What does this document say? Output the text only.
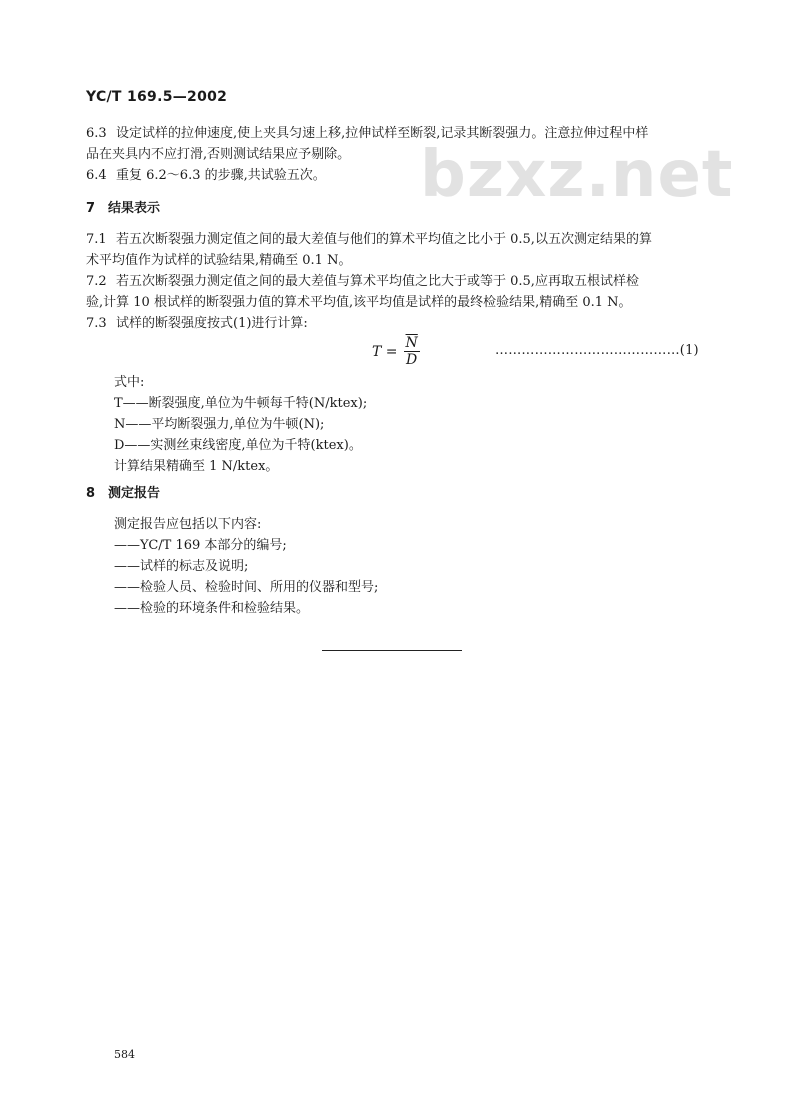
YC/T 169.5—2002
bzxz.net
6.3 设定试样的拉伸速度,使上夹具匀速上移,拉伸试样至断裂,记录其断裂强力。注意拉伸过程中样
品在夹具内不应打滑,否则测试结果应予剔除。
6.4 重复 6.2～6.3 的步骤,共试验五次。
7 结果表示
7.1 若五次断裂强力测定值之间的最大差值与他们的算术平均值之比小于 0.5,以五次测定结果的算
术平均值作为试样的试验结果,精确至 0.1 N。
7.2 若五次断裂强力测定值之间的最大差值与算术平均值之比大于或等于 0.5,应再取五根试样检
验,计算 10 根试样的断裂强力值的算术平均值,该平均值是试样的最终检验结果,精确至 0.1 N。
7.3 试样的断裂强度按式(1)进行计算:
$T = \frac{\overline{N}}{D}$	……………………………………(1)
式中:
T——断裂强度,单位为牛顿每千特(N/ktex);
N——平均断裂强力,单位为牛顿(N);
D——实测丝束线密度,单位为千特(ktex)。
计算结果精确至 1 N/ktex。
8 测定报告
测定报告应包括以下内容:
——YC/T 169 本部分的编号;
——试样的标志及说明;
——检验人员、检验时间、所用的仪器和型号;
——检验的环境条件和检验结果。
584
